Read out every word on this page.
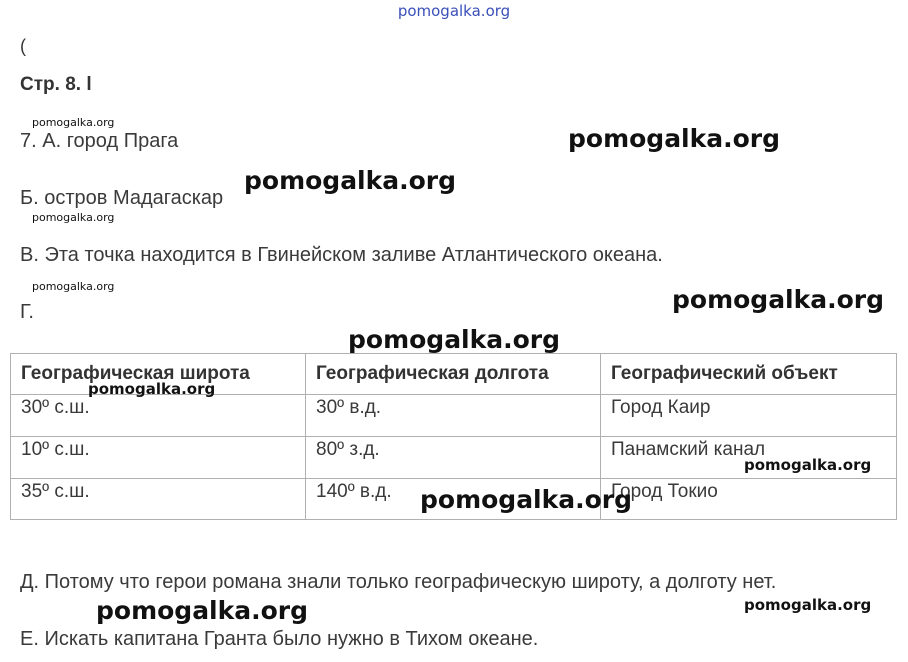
pomogalka.org
(
Стр. 8. l
7. А. город Прага
Б. остров Мадагаскар
В. Эта точка находится в Гвинейском заливе Атлантического океана.
Г.
Географическая широта	Географическая долгота	Географический объект
30º с.ш.	30º в.д.	Город Каир
10º с.ш.	80º з.д.	Панамский канал
35º с.ш.	140º в.д.	Город Токио
Д. Потому что герои романа знали только географическую широту, а долготу нет.
Е. Искать капитана Гранта было нужно в Тихом океане.
pomogalka.org
pomogalka.org
pomogalka.org
pomogalka.org
pomogalka.org	pomogalka.org
pomogalka.org
pomogalka.org
pomogalka.org
pomogalka.org
pomogalka.org	pomogalka.org
